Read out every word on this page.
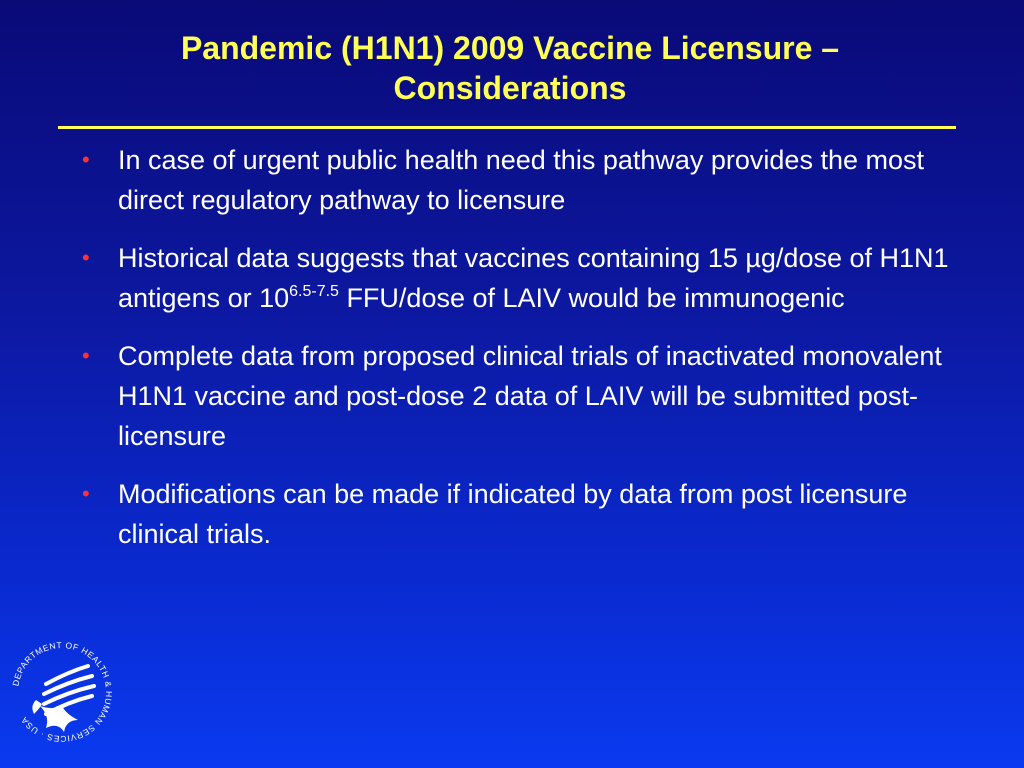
Pandemic (H1N1) 2009 Vaccine Licensure –
Considerations
• In case of urgent public health need this pathway provides the most direct regulatory pathway to licensure
• Historical data suggests that vaccines containing 15 µg/dose of H1N1 antigens or $10^{6.5-7.5}$ FFU/dose of LAIV would be immunogenic
• Complete data from proposed clinical trials of inactivated monovalent H1N1 vaccine and post-dose 2 data of LAIV will be submitted post-licensure
• Modifications can be made if indicated by data from post licensure clinical trials.
DEPARTMENT OF HEALTH & HUMAN SERVICES · USA
